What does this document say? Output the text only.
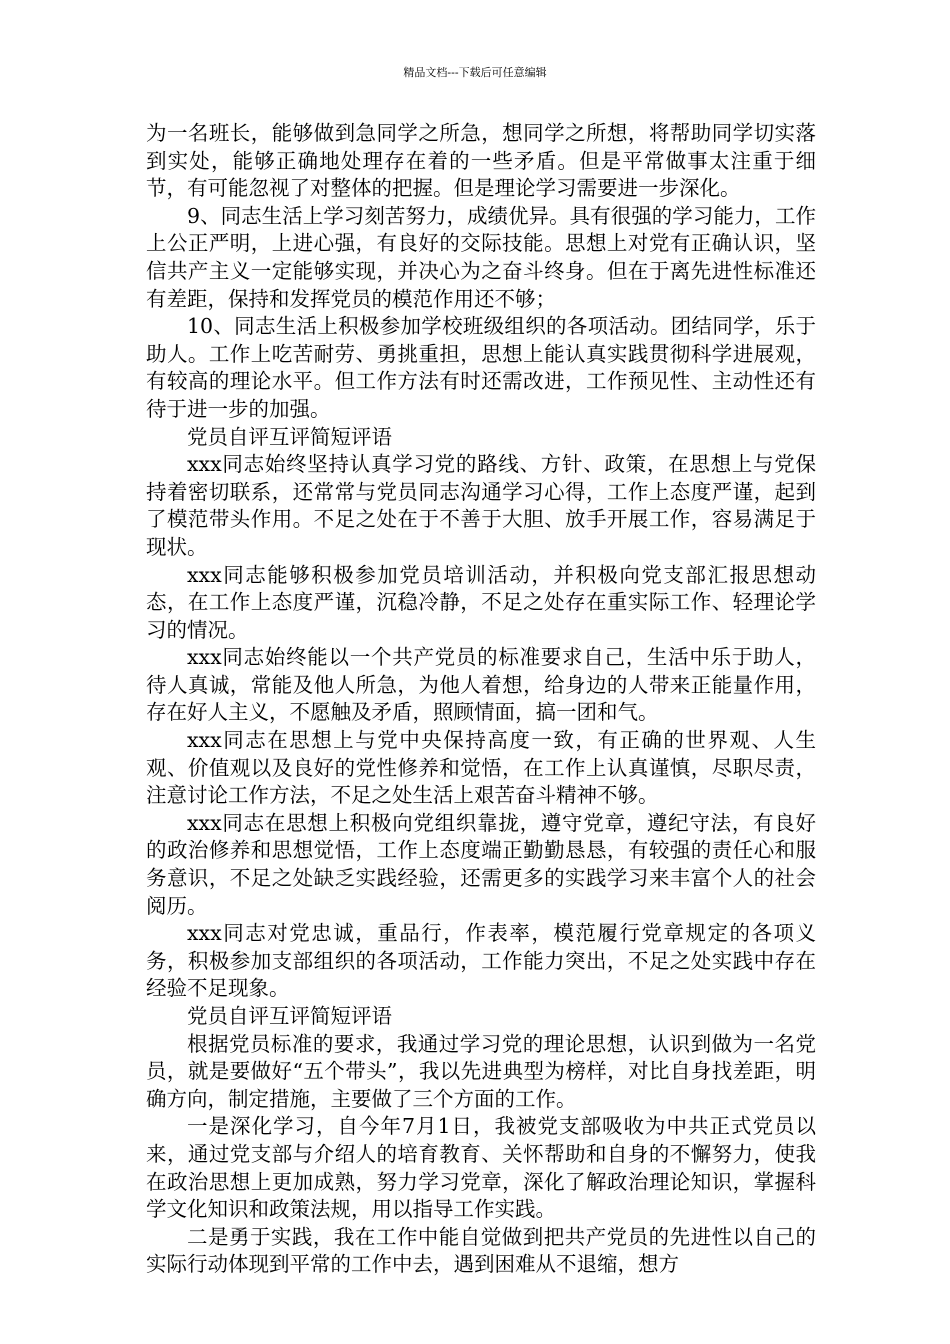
精品文档---下载后可任意编辑

为一名班长，能够做到急同学之所急，想同学之所想，将帮助同学切实落到实处，能够正确地处理存在着的一些矛盾。但是平常做事太注重于细节，有可能忽视了对整体的把握。但是理论学习需要进一步深化。

9、同志生活上学习刻苦努力，成绩优异。具有很强的学习能力，工作上公正严明，上进心强，有良好的交际技能。思想上对党有正确认识，坚信共产主义一定能够实现，并决心为之奋斗终身。但在于离先进性标准还有差距，保持和发挥党员的模范作用还不够；

10、同志生活上积极参加学校班级组织的各项活动。团结同学，乐于助人。工作上吃苦耐劳、勇挑重担，思想上能认真实践贯彻科学进展观，有较高的理论水平。但工作方法有时还需改进，工作预见性、主动性还有待于进一步的加强。

党员自评互评简短评语

xxx同志始终坚持认真学习党的路线、方针、政策，在思想上与党保持着密切联系，还常常与党员同志沟通学习心得，工作上态度严谨，起到了模范带头作用。不足之处在于不善于大胆、放手开展工作，容易满足于现状。

xxx同志能够积极参加党员培训活动，并积极向党支部汇报思想动态，在工作上态度严谨，沉稳冷静，不足之处存在重实际工作、轻理论学习的情况。

xxx同志始终能以一个共产党员的标准要求自己，生活中乐于助人，待人真诚，常能及他人所急，为他人着想，给身边的人带来正能量作用，存在好人主义，不愿触及矛盾，照顾情面，搞一团和气。

xxx同志在思想上与党中央保持高度一致，有正确的世界观、人生观、价值观以及良好的党性修养和觉悟，在工作上认真谨慎，尽职尽责，注意讨论工作方法，不足之处生活上艰苦奋斗精神不够。

xxx同志在思想上积极向党组织靠拢，遵守党章，遵纪守法，有良好的政治修养和思想觉悟，工作上态度端正勤勤恳恳，有较强的责任心和服务意识，不足之处缺乏实践经验，还需更多的实践学习来丰富个人的社会阅历。

xxx同志对党忠诚，重品行，作表率，模范履行党章规定的各项义务，积极参加支部组织的各项活动，工作能力突出，不足之处实践中存在经验不足现象。

党员自评互评简短评语

根据党员标准的要求，我通过学习党的理论思想，认识到做为一名党员，就是要做好“五个带头”，我以先进典型为榜样，对比自身找差距，明确方向，制定措施，主要做了三个方面的工作。

一是深化学习，自今年7月1日，我被党支部吸收为中共正式党员以来，通过党支部与介绍人的培育教育、关怀帮助和自身的不懈努力，使我在政治思想上更加成熟，努力学习党章，深化了解政治理论知识，掌握科学文化知识和政策法规，用以指导工作实践。

二是勇于实践，我在工作中能自觉做到把共产党员的先进性以自己的实际行动体现到平常的工作中去，遇到困难从不退缩，想方
